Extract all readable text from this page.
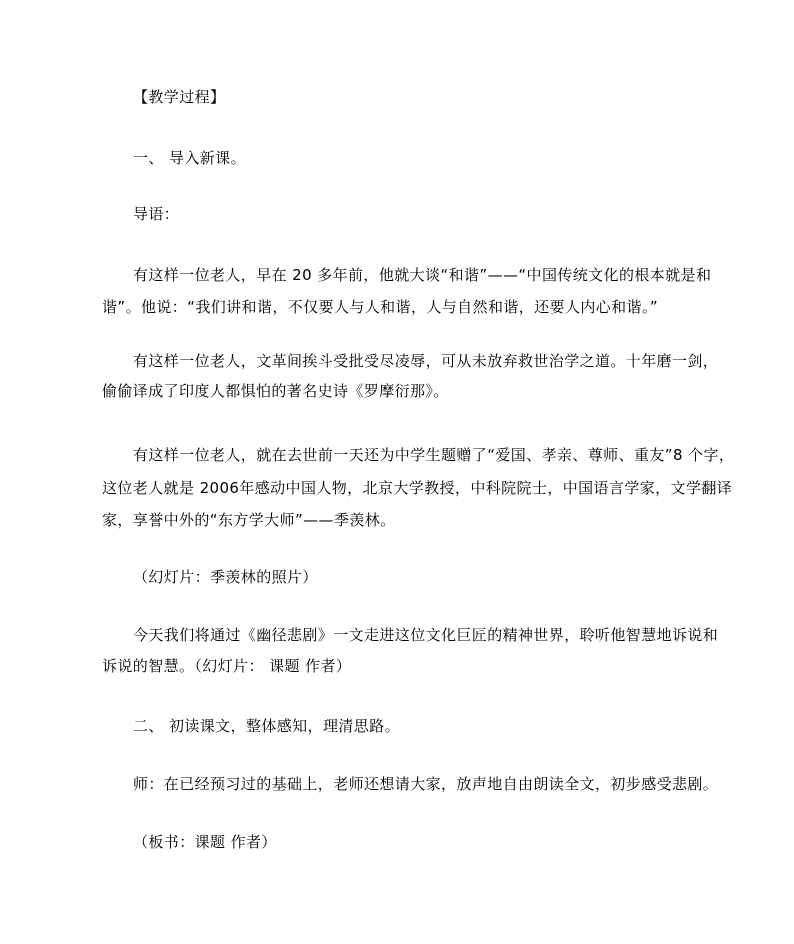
【教学过程】

一、 导入新课。

导语：

有这样一位老人，早在 20 多年前，他就大谈“和谐”——“中国传统文化的根本就是和

谐”。他说：“我们讲和谐，不仅要人与人和谐，人与自然和谐，还要人内心和谐。”

有这样一位老人，文革间挨斗受批受尽凌辱，可从未放弃救世治学之道。十年磨一剑，

偷偷译成了印度人都惧怕的著名史诗《罗摩衍那》。

有这样一位老人，就在去世前一天还为中学生题赠了“爱国、孝亲、尊师、重友”8 个字，

这位老人就是 2006年感动中国人物，北京大学教授，中科院院士，中国语言学家，文学翻译

家，享誉中外的“东方学大师”——季羡林。

（幻灯片：季羡林的照片）

今天我们将通过《幽径悲剧》一文走进这位文化巨匠的精神世界，聆听他智慧地诉说和

诉说的智慧。（幻灯片： 课题 作者）

二、 初读课文，整体感知，理清思路。

师：在已经预习过的基础上，老师还想请大家，放声地自由朗读全文，初步感受悲剧。

（板书：课题 作者）
